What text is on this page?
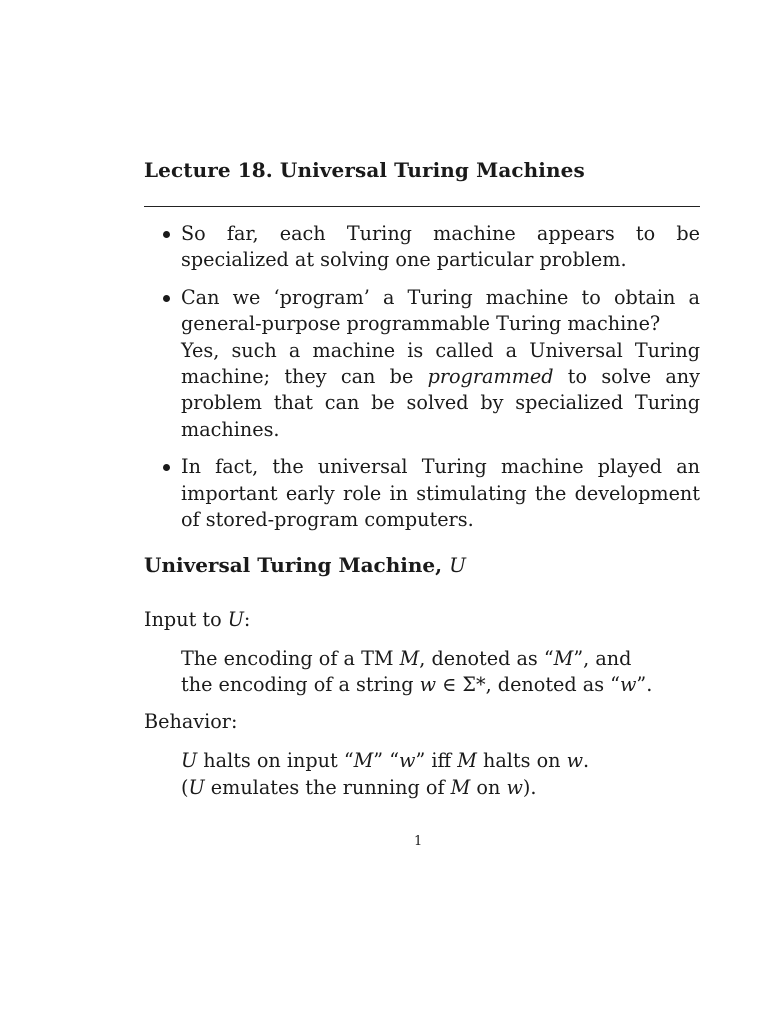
Lecture 18. Universal Turing Machines

So far, each Turing machine appears to be specialized at solving one particular problem.

Can we ‘program’ a Turing machine to obtain a general-purpose programmable Turing machine?

Yes, such a machine is called a Universal Turing machine; they can be programmed to solve any problem that can be solved by specialized Turing machines.

In fact, the universal Turing machine played an important early role in stimulating the development of stored-program computers.

Universal Turing Machine, U
Input to U:
The encoding of a TM M, denoted as “M”, and
the encoding of a string w ∈ Σ*, denoted as “w”.
Behavior:
U halts on input “M” “w” iff M halts on w.
(U emulates the running of M on w).
1
